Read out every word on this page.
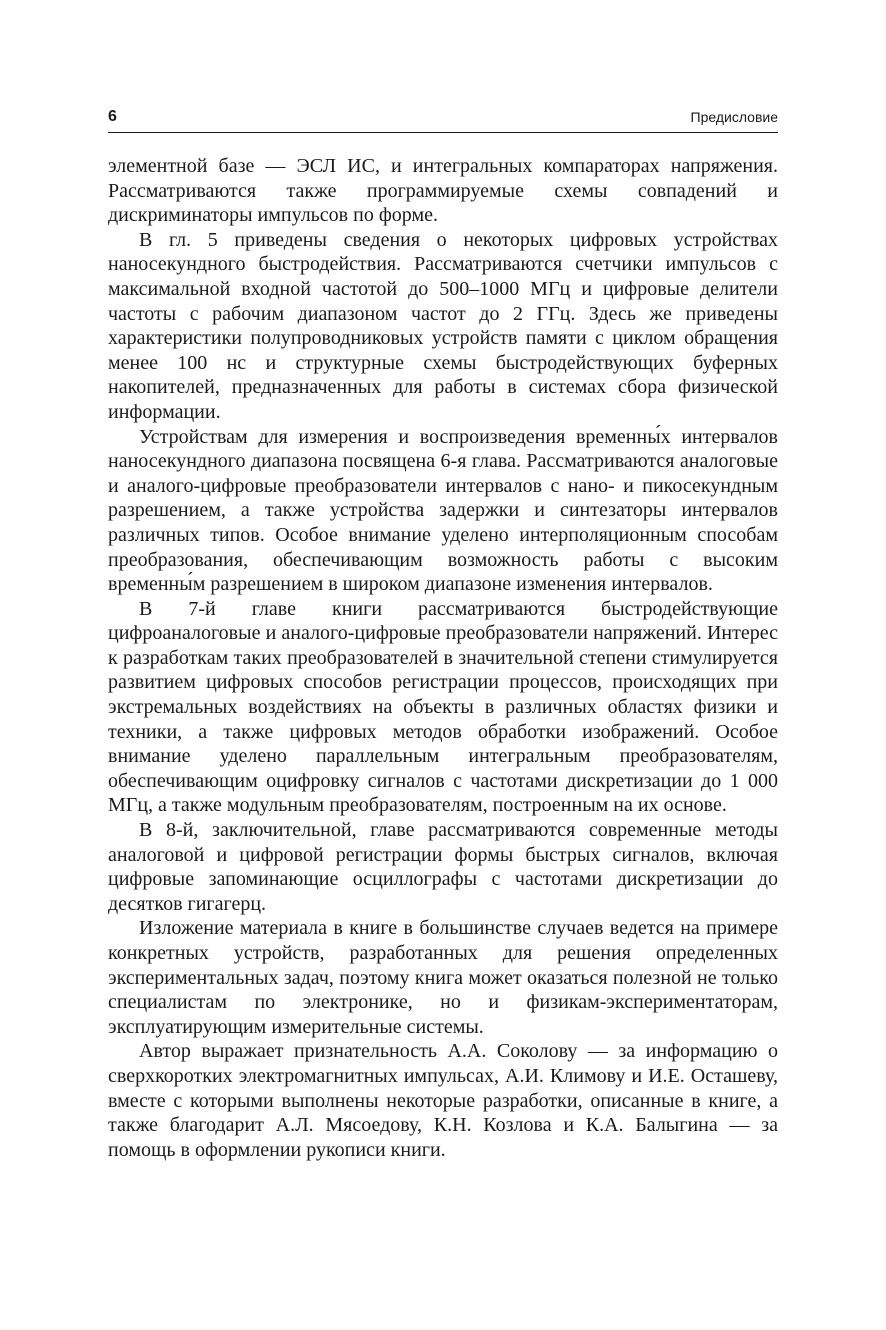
6	Предисловие

элементной базе — ЭСЛ ИС, и интегральных компараторах напряжения. Рассматриваются также программируемые схемы совпадений и дискриминаторы импульсов по форме.

В гл. 5 приведены сведения о некоторых цифровых устройствах наносекундного быстродействия. Рассматриваются счетчики импульсов с максимальной входной частотой до 500–1000 МГц и цифровые делители частоты с рабочим диапазоном частот до 2 ГГц. Здесь же приведены характеристики полупроводниковых устройств памяти с циклом обращения менее 100 нс и структурные схемы быстродействующих буферных накопителей, предназначенных для работы в системах сбора физической информации.

Устройствам для измерения и воспроизведения временны́х интервалов наносекундного диапазона посвящена 6-я глава. Рассматриваются аналоговые и аналого-цифровые преобразователи интервалов с нано- и пикосекундным разрешением, а также устройства задержки и синтезаторы интервалов различных типов. Особое внимание уделено интерполяционным способам преобразования, обеспечивающим возможность работы с высоким временны́м разрешением в широком диапазоне изменения интервалов.

В 7-й главе книги рассматриваются быстродействующие цифроаналоговые и аналого-цифровые преобразователи напряжений. Интерес к разработкам таких преобразователей в значительной степени стимулируется развитием цифровых способов регистрации процессов, происходящих при экстремальных воздействиях на объекты в различных областях физики и техники, а также цифровых методов обработки изображений. Особое внимание уделено параллельным интегральным преобразователям, обеспечивающим оцифровку сигналов с частотами дискретизации до 1 000 МГц, а также модульным преобразователям, построенным на их основе.

В 8-й, заключительной, главе рассматриваются современные методы аналоговой и цифровой регистрации формы быстрых сигналов, включая цифровые запоминающие осциллографы с частотами дискретизации до десятков гигагерц.

Изложение материала в книге в большинстве случаев ведется на примере конкретных устройств, разработанных для решения определенных экспериментальных задач, поэтому книга может оказаться полезной не только специалистам по электронике, но и физикам-экспериментаторам, эксплуатирующим измерительные системы.

Автор выражает признательность А.А. Соколову — за информацию о сверхкоротких электромагнитных импульсах, А.И. Климову и И.Е. Осташеву, вместе с которыми выполнены некоторые разработки, описанные в книге, а также благодарит А.Л. Мясоедову, К.Н. Козлова и К.А. Балыгина — за помощь в оформлении рукописи книги.
